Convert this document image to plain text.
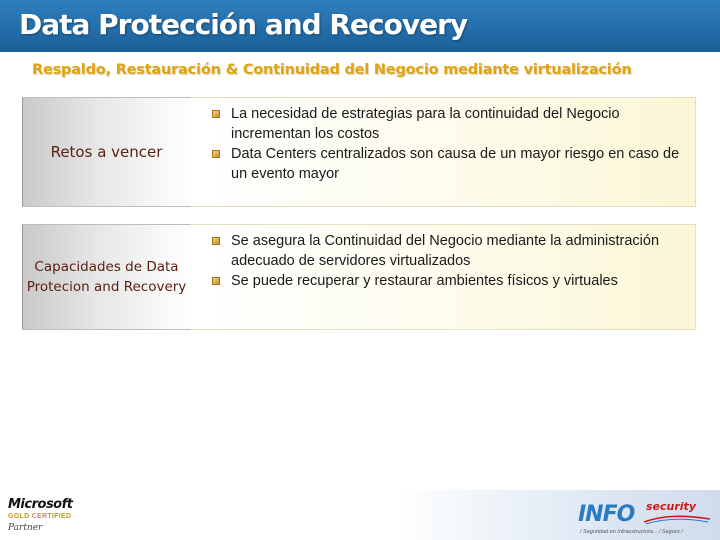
Data Protección and Recovery
Respaldo, Restauración & Continuidad del Negocio mediante virtualización
Retos a vencer
La necesidad de estrategias para la continuidad del Negocio incrementan los costos
Data Centers centralizados son causa de un mayor riesgo en caso de un evento mayor
Capacidades de Data Protecion and Recovery
Se asegura la Continuidad del Negocio mediante la administración adecuado de servidores virtualizados
Se puede recuperar y restaurar ambientes físicos y virtuales
Microsoft
GOLD CERTIFIED
Partner
INFO security
/ Seguridad en Infraestructura... / Seguro /
